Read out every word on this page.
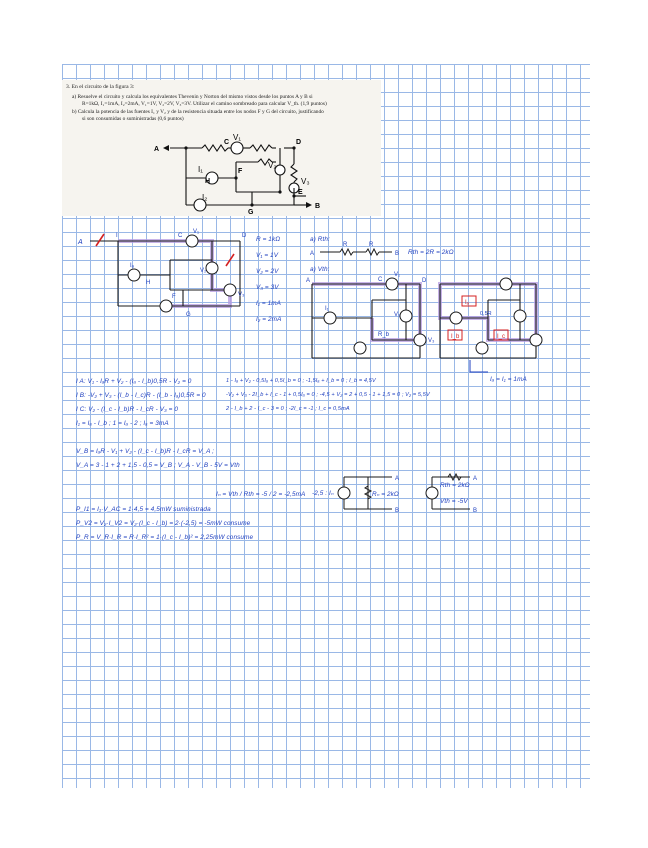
3. En el circuito de la figura 3:
a) Resuelve el circuito y calcula los equivalentes Thevenin y Norton del mismo vistos desde los puntos A y B si
R=1kΩ, I₁=1mA, I₂=2mA, V₁=1V, V₂=2V, V₃=3V. Utilizar el camino sombreado para calcular V_th. (1,9 puntos)
b) Calcula la potencia de las fuentes I₁ y V₂ y de la resistencia situada entre los nodos F y G del circuito, justificando
si son consumidas o suministradas (0,6 puntos)
A
B
C	D
E
F
G
H
V₁
V₂
V₃
I₁
I₂
A
I	C	D
V₁
V₂
V₃
Iₐ
H
F
G
A	B
R	R
A	C	D
V₃
V₁
V₂
I₁
R_b
Iₐ
I_b	I_c
0,5R
A
B
A
B
R = 1kΩ
V₁ = 1V
V₂ = 2V
V₃ = 3V
I₁ = 1mA
I₂ = 2mA
a) Rth:
Rth = 2R = 2kΩ
a) Vth:
Iₐ = I₁ = 1mA
I A: V₁ - IₐR + V₂ - (Iₐ - I_b)0,5R - V₂ = 0
I B: -V₂ + V₃ - (I_b - I_c)R - (I_b - Iₐ)0,5R = 0
I C: V₂ - (I_c - I_b)R - I_cR - V₃ = 0
I₁ = Iₐ - I_b ; 1 = Iₐ - 2 ; Iₐ = 3mA
1 - Iₐ + V₂ - 0,5Iₐ + 0,5I_b = 0 ; -1,5Iₐ + I_b = 0 ; I_b = 4,5V
-V₂ + V₃ - 2I_b + I_c - 1 + 0,5Iₐ = 0 ; -4,5 + V₂ = 2 + 0,5 - 1 + 1,5 = 0 ; V₂ = 5,5V
2 - I_b + 2 - I_c - 3 = 0 ; -2I_c = -1 ; I_c = 0,5mA
V_B = IₐR - V₁ + V₂ - (I_c - I_b)R - I_cR = V_A ;
V_A = 3 - 1 + 2 + 1,5 - 0,5 = V_B ; V_A - V_B - 5V = Vth
Iₙ = Vth / Rth = -5 / 2 = -2,5mA -2,5 : Iₙ	Rₙ = 2kΩ
Rth = 2kΩ
Vth = -5V
P_I1 = I₁·V_AC = 1·4,5 = 4,5mW suministrada
P_V2 = V₂·I_V2 = V₂·(I_c - I_b) = 2·(-2,5) = -5mW consume
P_R = V_R·I_R = R·I_R² = 1·(I_c - I_b)² = 2,25mW consume
